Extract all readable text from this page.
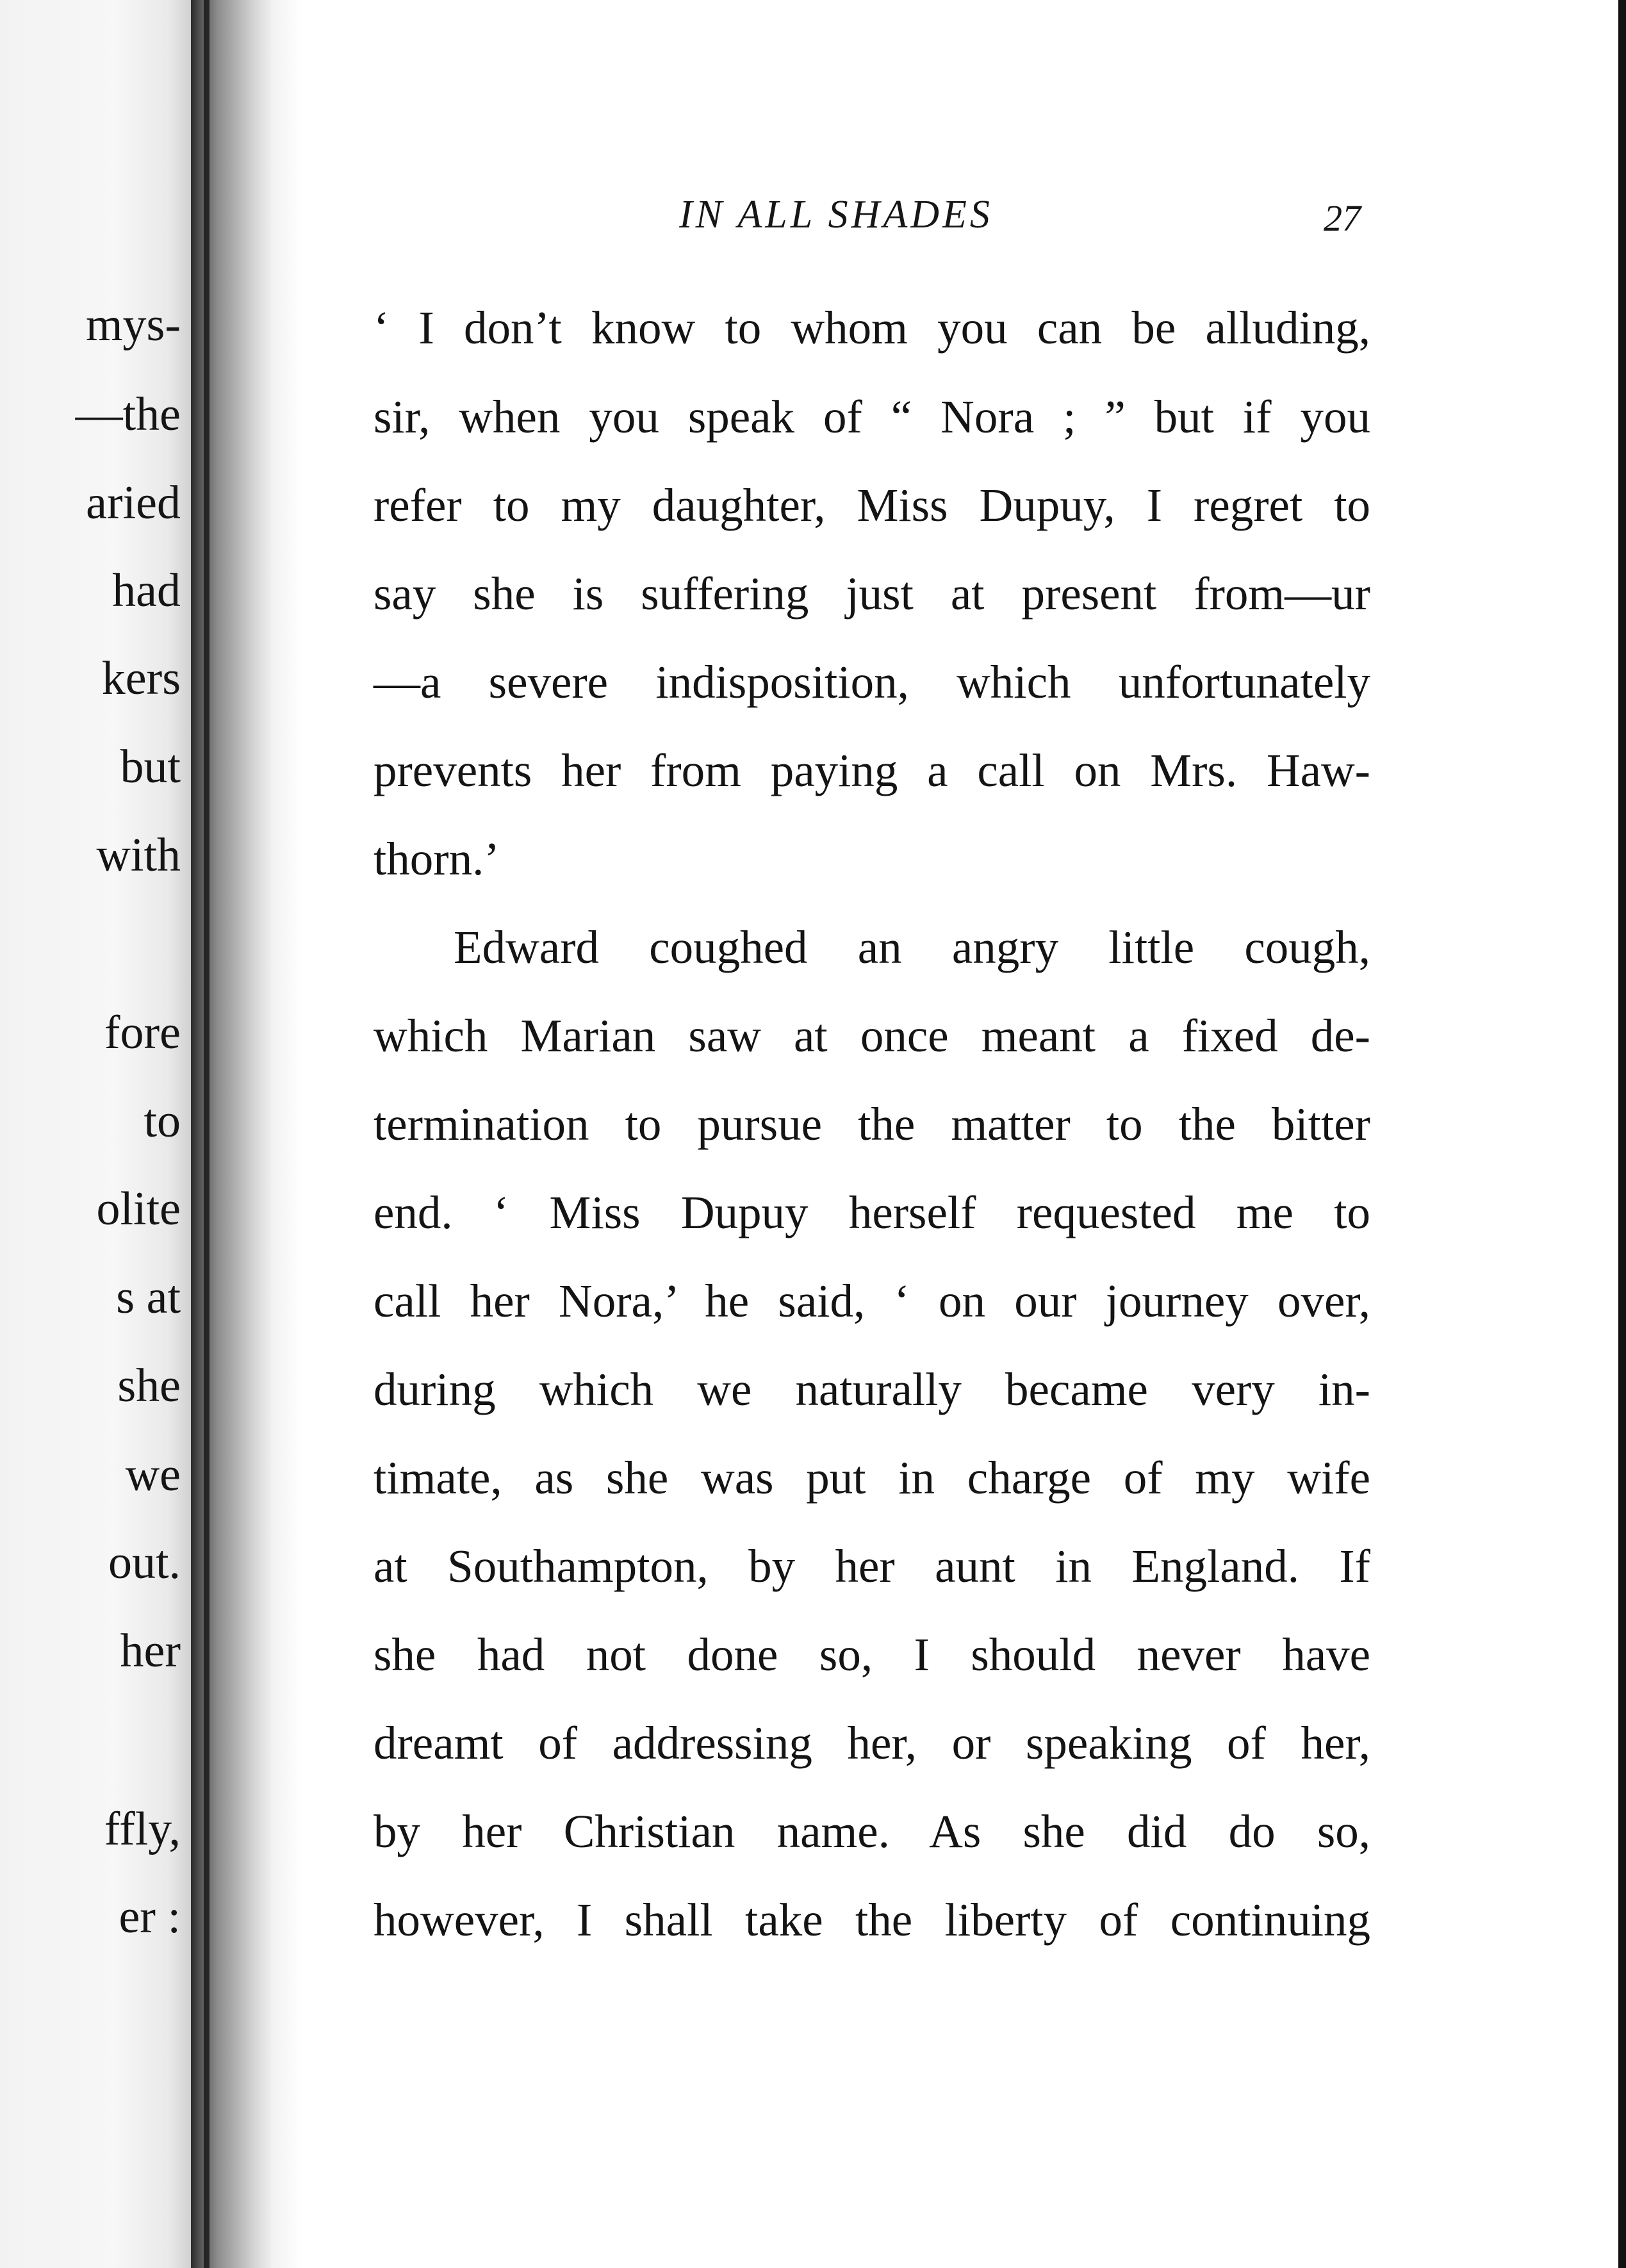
mys-
—the
aried
had
kers
but
with
fore
to
olite
s at
she
we
out.
her
ffly,
er :
IN ALL SHADES	27
‘ I don’t know to whom you can be alluding,
sir, when you speak of “ Nora ; ” but if you
refer to my daughter, Miss Dupuy, I regret to
say she is suffering just at present from—ur
—a severe indisposition, which unfortunately
prevents her from paying a call on Mrs. Haw-
thorn.’
Edward coughed an angry little cough,
which Marian saw at once meant a fixed de-
termination to pursue the matter to the bitter
end. ‘ Miss Dupuy herself requested me to
call her Nora,’ he said, ‘ on our journey over,
during which we naturally became very in-
timate, as she was put in charge of my wife
at Southampton, by her aunt in England. If
she had not done so, I should never have
dreamt of addressing her, or speaking of her,
by her Christian name. As she did do so,
however, I shall take the liberty of continuing
